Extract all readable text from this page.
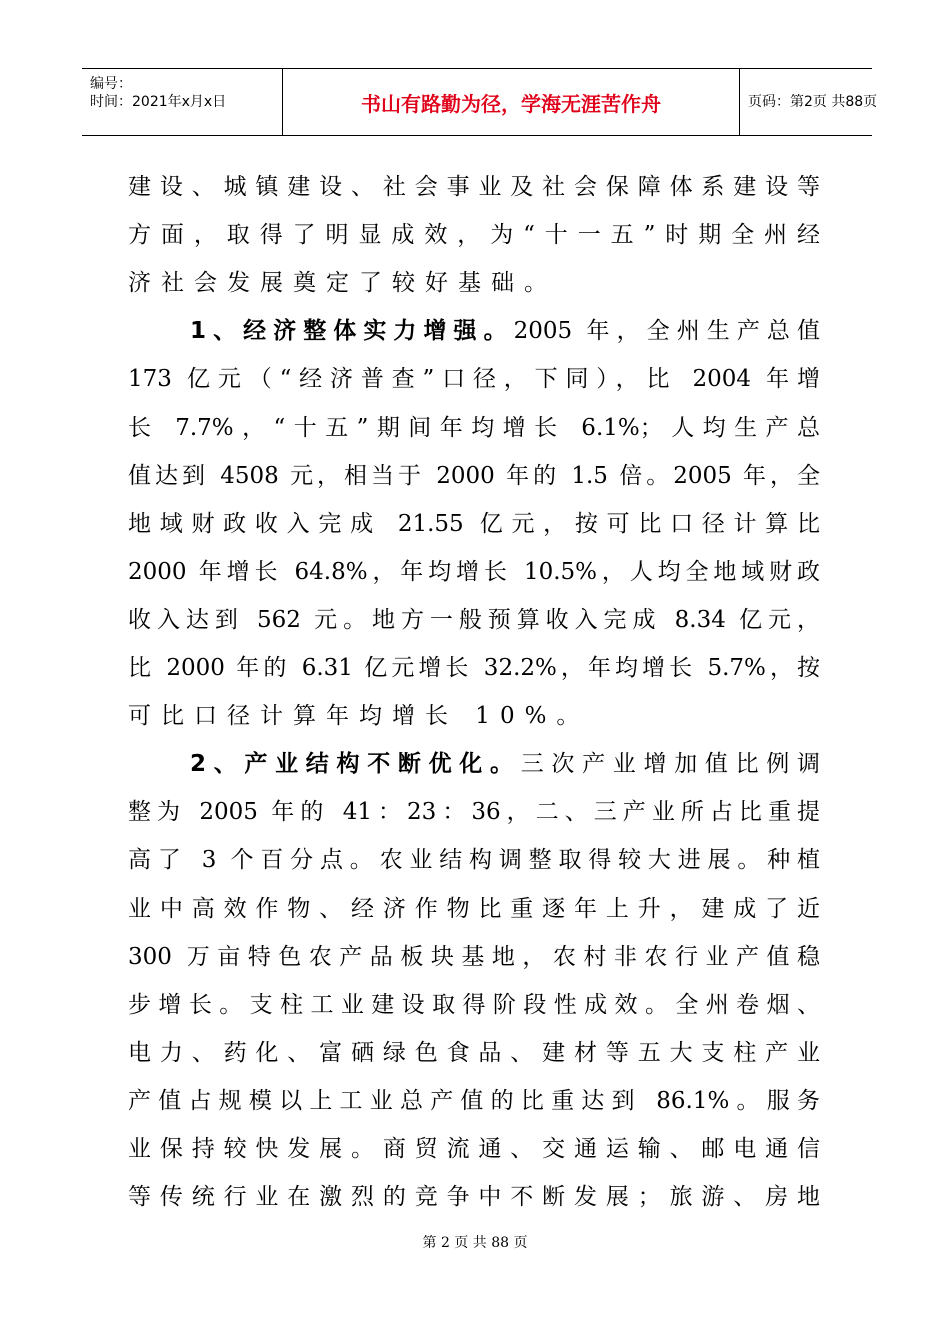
编号：
时间：2021年x月x日	书山有路勤为径，学海无涯苦作舟	页码：第2页 共88页
建设、城镇建设、社会事业及社会保障体系建设等
方面，取得了明显成效，为“十一五”时期全州经
济社会发展奠定了较好基础。
1、经济整体实力增强。2005 年，全州生产总值
173 亿元（“经济普查”口径，下同），比 2004 年增
长 7.7%，“十五”期间年均增长 6.1%；人均生产总
值达到 4508 元，相当于 2000 年的 1.5 倍。2005 年，全
地域财政收入完成 21.55 亿元，按可比口径计算比
2000 年增长 64.8%，年均增长 10.5%，人均全地域财政
收入达到 562 元。地方一般预算收入完成 8.34 亿元，
比 2000 年的 6.31 亿元增长 32.2%，年均增长 5.7%，按
可比口径计算年均增长 10%。
2、产业结构不断优化。三次产业增加值比例调
整为 2005 年的 41：23：36，二、三产业所占比重提
高了 3 个百分点。农业结构调整取得较大进展。种植
业中高效作物、经济作物比重逐年上升，建成了近
300 万亩特色农产品板块基地，农村非农行业产值稳
步增长。支柱工业建设取得阶段性成效。全州卷烟、
电力、药化、富硒绿色食品、建材等五大支柱产业
产值占规模以上工业总产值的比重达到 86.1%。服务
业保持较快发展。商贸流通、交通运输、邮电通信
等传统行业在激烈的竞争中不断发展；旅游、房地
第 2 页 共 88 页
